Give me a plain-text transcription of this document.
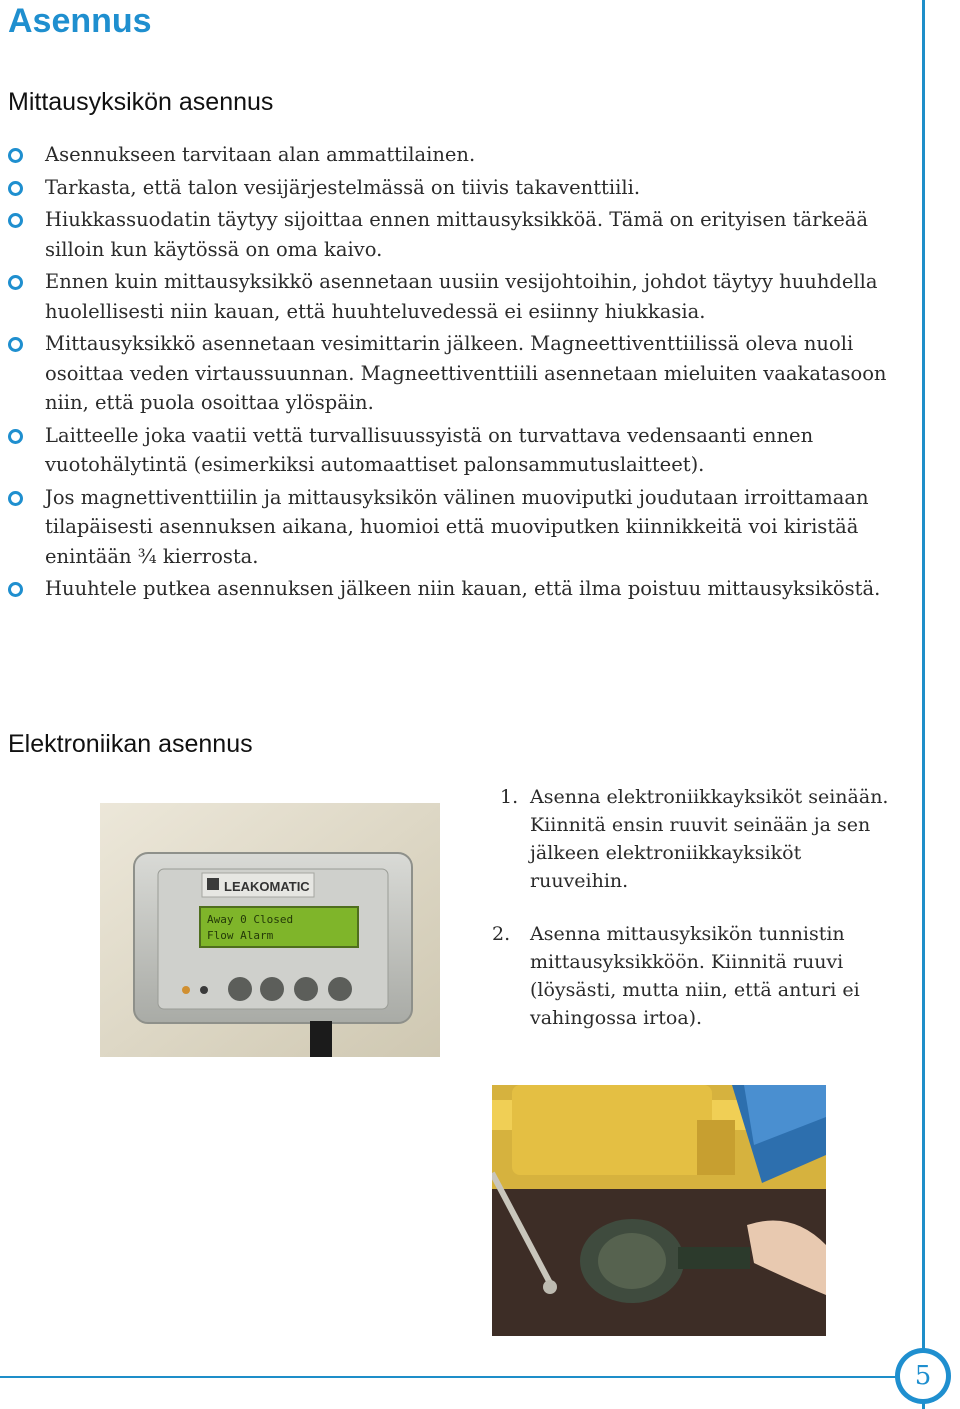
Asennus
Mittausyksikön asennus
Asennukseen tarvitaan alan ammattilainen.
Tarkasta, että talon vesijärjestelmässä on tiivis takaventtiili.
Hiukkassuodatin täytyy sijoittaa ennen mittausyksikköä. Tämä on erityisen tärkeää silloin kun käytössä on oma kaivo.
Ennen kuin mittausyksikkö asennetaan uusiin vesijohtoihin, johdot täytyy huuhdella huolellisesti niin kauan, että huuhteluvedessä ei esiinny hiukkasia.
Mittausyksikkö asennetaan vesimittarin jälkeen. Magneettiventtiilissä oleva nuoli osoittaa veden virtaussuunnan. Magneettiventtiili asennetaan mieluiten vaakatasoon niin, että puola osoittaa ylöspäin.
Laitteelle joka vaatii vettä turvallisuussyistä on turvattava vedensaanti ennen vuotohälytintä (esimerkiksi automaattiset palonsammutuslaitteet).
Jos magnettiventtiilin ja mittausyksikön välinen muoviputki joudutaan irroittamaan tilapäisesti asennuksen aikana, huomioi että muoviputken kiinnikkeitä voi kiristää enintään ¾ kierrosta.
Huuhtele putkea asennuksen jälkeen niin kauan, että ilma poistuu mittausyksiköstä.
Elektroniikan asennus
LEAKOMATIC
Away 0 Closed
Flow Alarm
1. Asenna elektroniikkayksiköt seinään. Kiinnitä ensin ruuvit seinään ja sen jälkeen elektroniikkayksiköt ruuveihin.
2. Asenna mittausyksikön tunnistin mittausyksikköön. Kiinnitä ruuvi (löysästi, mutta niin, että anturi ei vahingossa irtoa).
5
